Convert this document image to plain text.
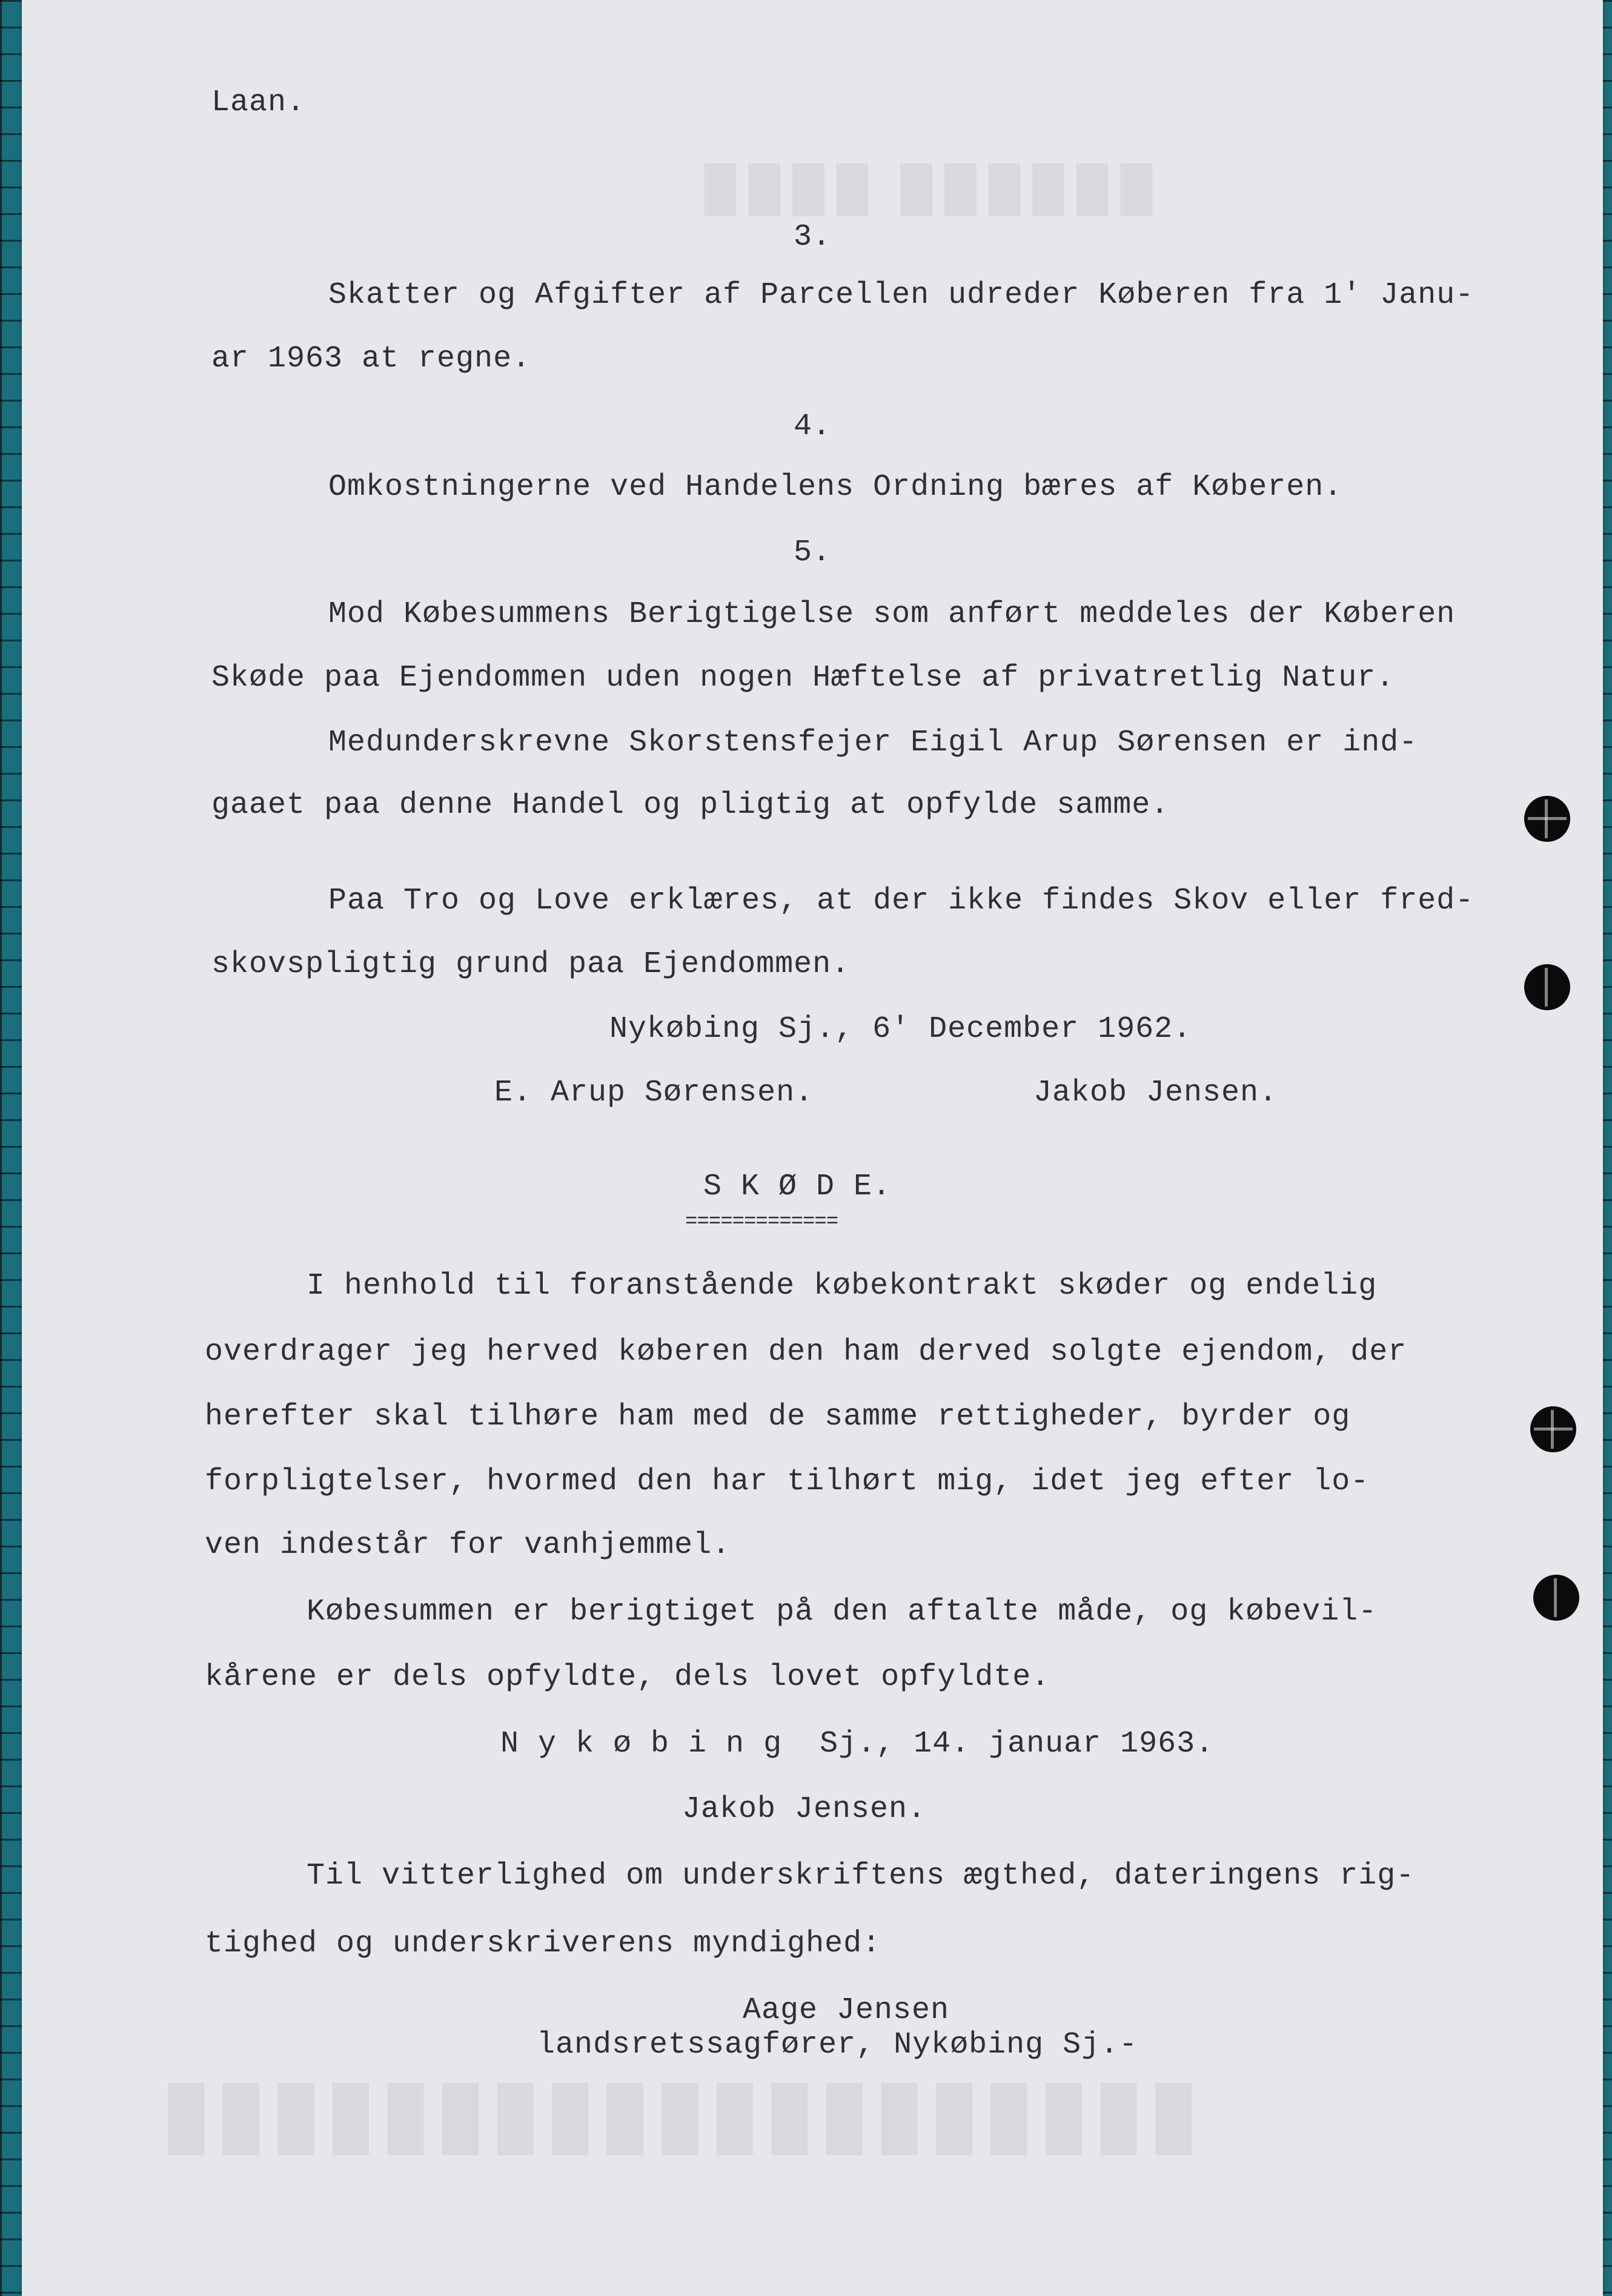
▮▮▮▮ ▮▮▮▮▮▮
▮▮▮▮▮▮▮▮▮▮▮▮▮▮▮▮▮▮▮
Laan.
3.
Skatter og Afgifter af Parcellen udreder Køberen fra 1' Janu-
ar 1963 at regne.
4.
Omkostningerne ved Handelens Ordning bæres af Køberen.
5.
Mod Købesummens Berigtigelse som anført meddeles der Køberen
Skøde paa Ejendommen uden nogen Hæftelse af privatretlig Natur.
Medunderskrevne Skorstensfejer Eigil Arup Sørensen er ind-
gaaet paa denne Handel og pligtig at opfylde samme.
Paa Tro og Love erklæres, at der ikke findes Skov eller fred-
skovspligtig grund paa Ejendommen.
Nykøbing Sj., 6' December 1962.
E. Arup Sørensen.	Jakob Jensen.
S K Ø D E.
=============
I henhold til foranstående købekontrakt skøder og endelig
overdrager jeg herved køberen den ham derved solgte ejendom, der
herefter skal tilhøre ham med de samme rettigheder, byrder og
forpligtelser, hvormed den har tilhørt mig, idet jeg efter lo-
ven indestår for vanhjemmel.
Købesummen er berigtiget på den aftalte måde, og købevil-
kårene er dels opfyldte, dels lovet opfyldte.
N y k ø b i n g  Sj., 14. januar 1963.
Jakob Jensen.
Til vitterlighed om underskriftens ægthed, dateringens rig-
tighed og underskriverens myndighed:
Aage Jensen
landsretssagfører, Nykøbing Sj.-
